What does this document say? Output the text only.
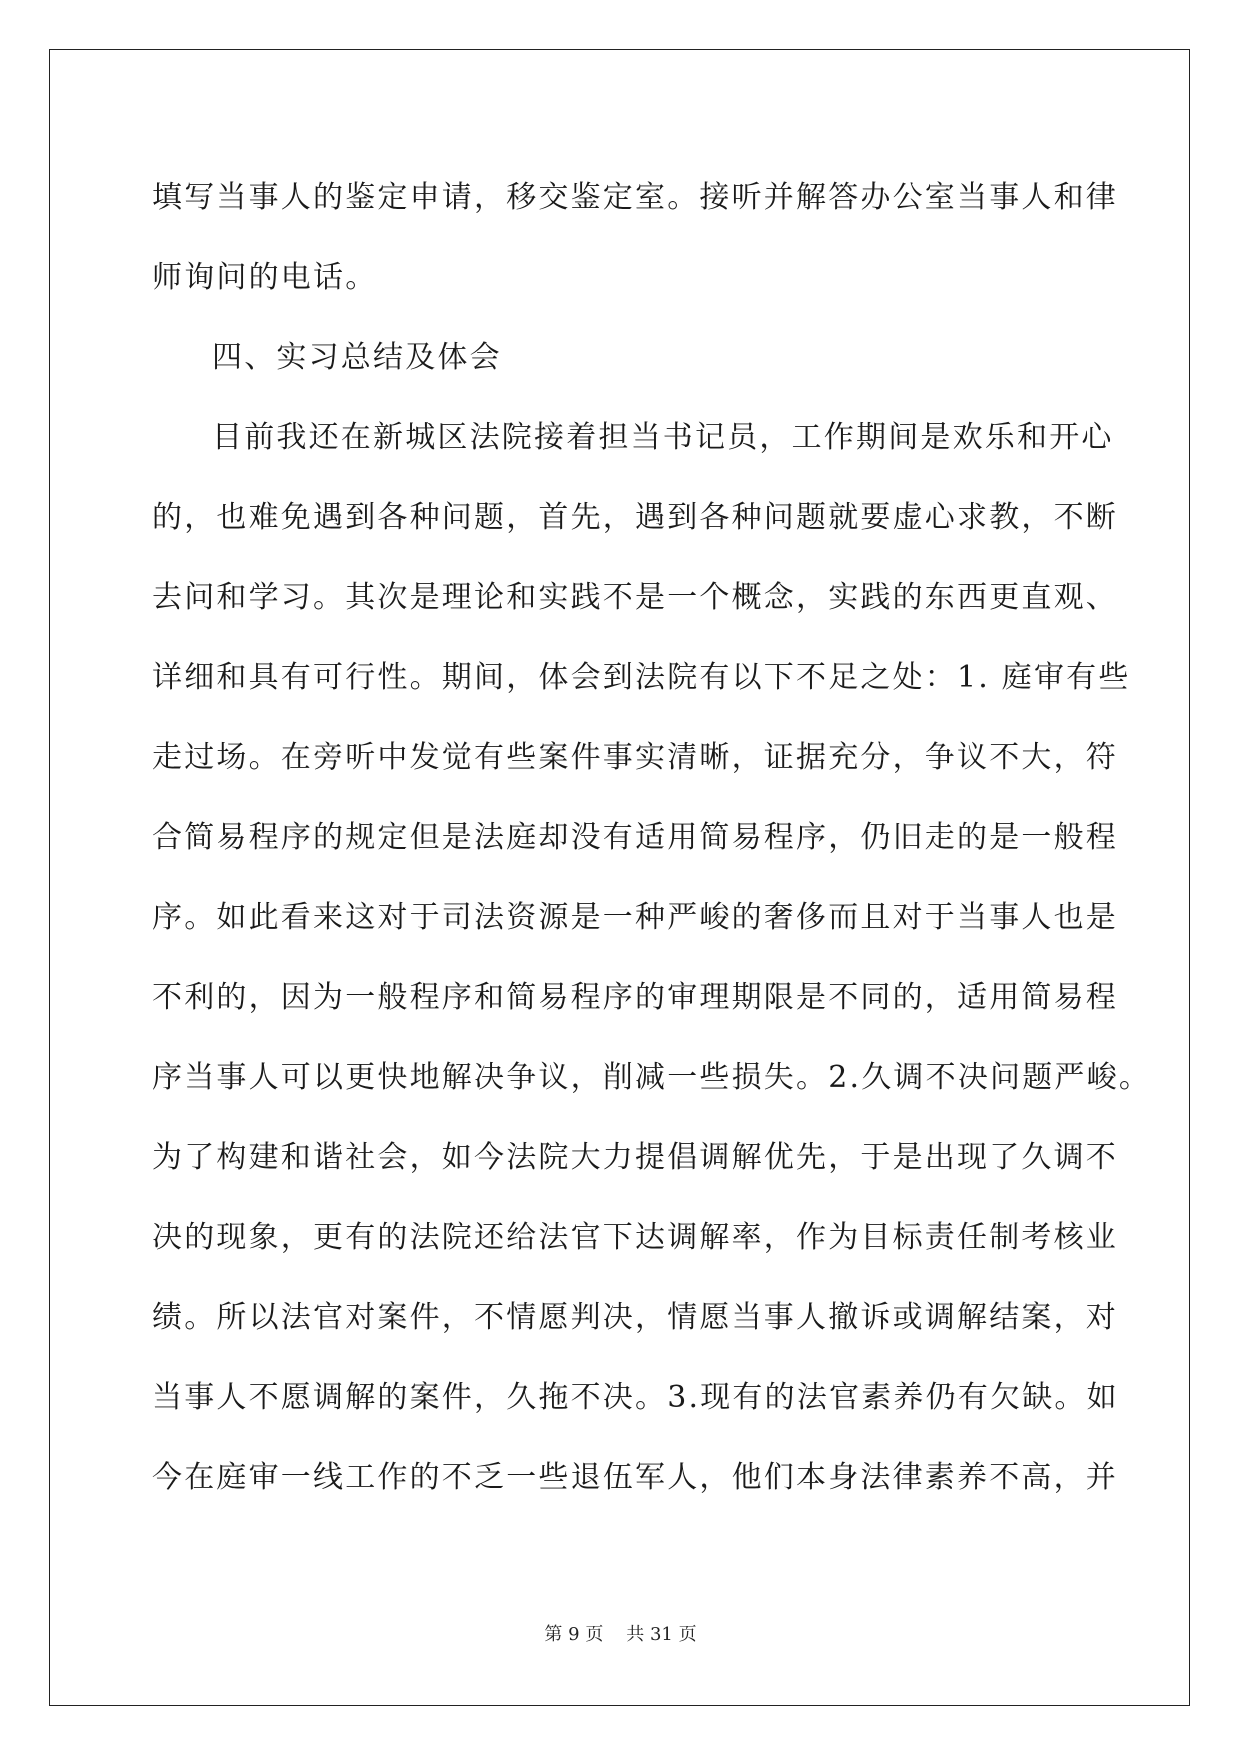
填写当事人的鉴定申请，移交鉴定室。接听并解答办公室当事人和律
师询问的电话。
四、实习总结及体会
目前我还在新城区法院接着担当书记员，工作期间是欢乐和开心
的，也难免遇到各种问题，首先，遇到各种问题就要虚心求教，不断
去问和学习。其次是理论和实践不是一个概念，实践的东西更直观、
详细和具有可行性。期间，体会到法院有以下不足之处：1. 庭审有些
走过场。在旁听中发觉有些案件事实清晰，证据充分，争议不大，符
合简易程序的规定但是法庭却没有适用简易程序，仍旧走的是一般程
序。如此看来这对于司法资源是一种严峻的奢侈而且对于当事人也是
不利的，因为一般程序和简易程序的审理期限是不同的，适用简易程
序当事人可以更快地解决争议，削减一些损失。2.久调不决问题严峻。
为了构建和谐社会，如今法院大力提倡调解优先，于是出现了久调不
决的现象，更有的法院还给法官下达调解率，作为目标责任制考核业
绩。所以法官对案件，不情愿判决，情愿当事人撤诉或调解结案，对
当事人不愿调解的案件，久拖不决。3.现有的法官素养仍有欠缺。如
今在庭审一线工作的不乏一些退伍军人，他们本身法律素养不高，并
第 9 页 共 31 页
